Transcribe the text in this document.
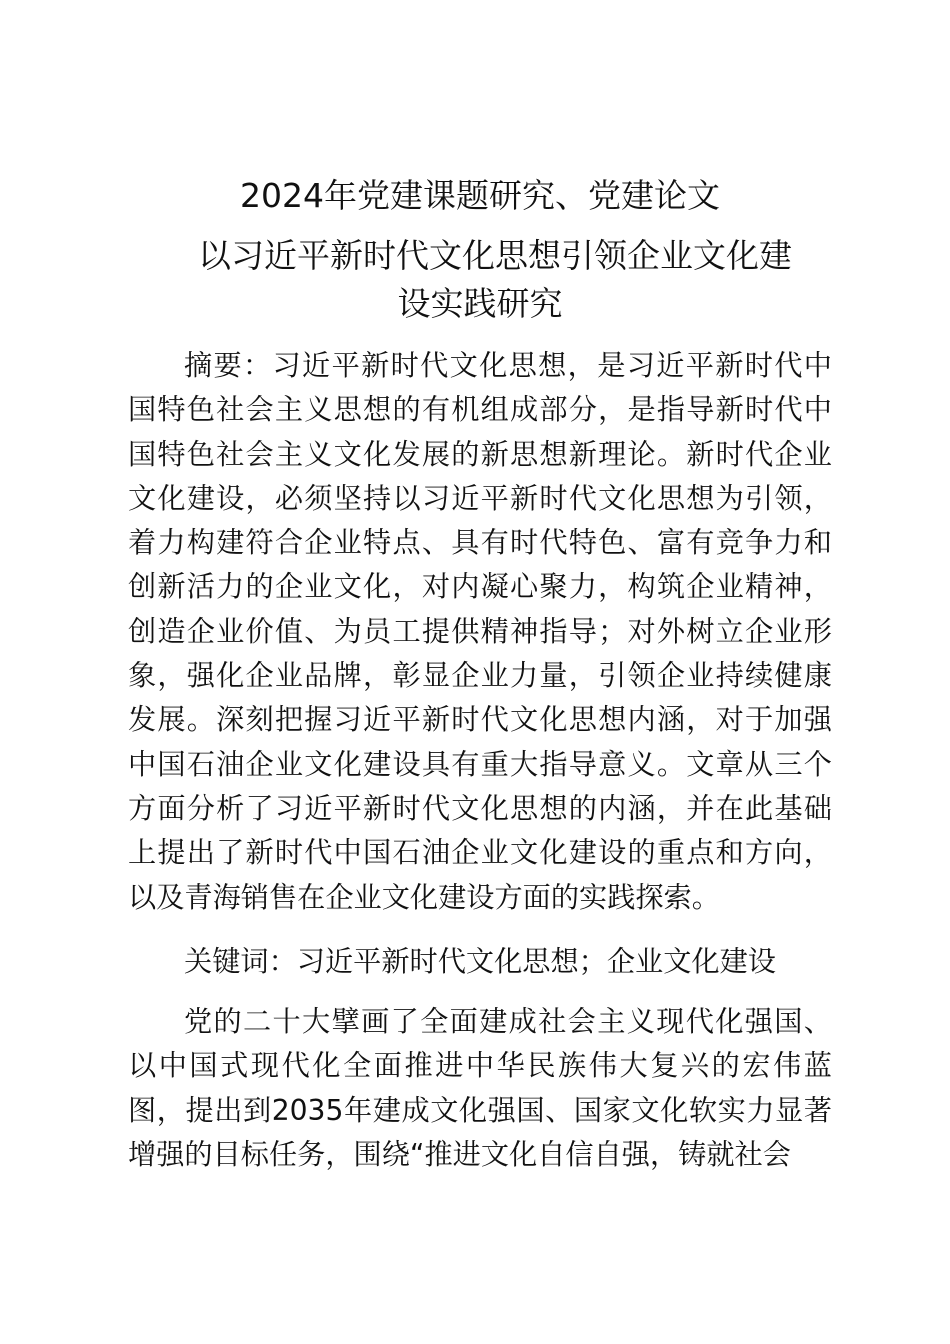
2024年党建课题研究、党建论文
以习近平新时代文化思想引领企业文化建
设实践研究
摘要：习近平新时代文化思想，是习近平新时代中国特色社会主义思想的有机组成部分，是指导新时代中国特色社会主义文化发展的新思想新理论。新时代企业文化建设，必须坚持以习近平新时代文化思想为引领，着力构建符合企业特点、具有时代特色、富有竞争力和创新活力的企业文化，对内凝心聚力，构筑企业精神，创造企业价值、为员工提供精神指导；对外树立企业形象，强化企业品牌，彰显企业力量，引领企业持续健康发展。深刻把握习近平新时代文化思想内涵，对于加强中国石油企业文化建设具有重大指导意义。文章从三个方面分析了习近平新时代文化思想的内涵，并在此基础上提出了新时代中国石油企业文化建设的重点和方向，以及青海销售在企业文化建设方面的实践探索。
关键词：习近平新时代文化思想；企业文化建设
党的二十大擘画了全面建成社会主义现代化强国、以中国式现代化全面推进中华民族伟大复兴的宏伟蓝图，提出到2035年建成文化强国、国家文化软实力显著增强的目标任务，围绕“推进文化自信自强，铸就社会
